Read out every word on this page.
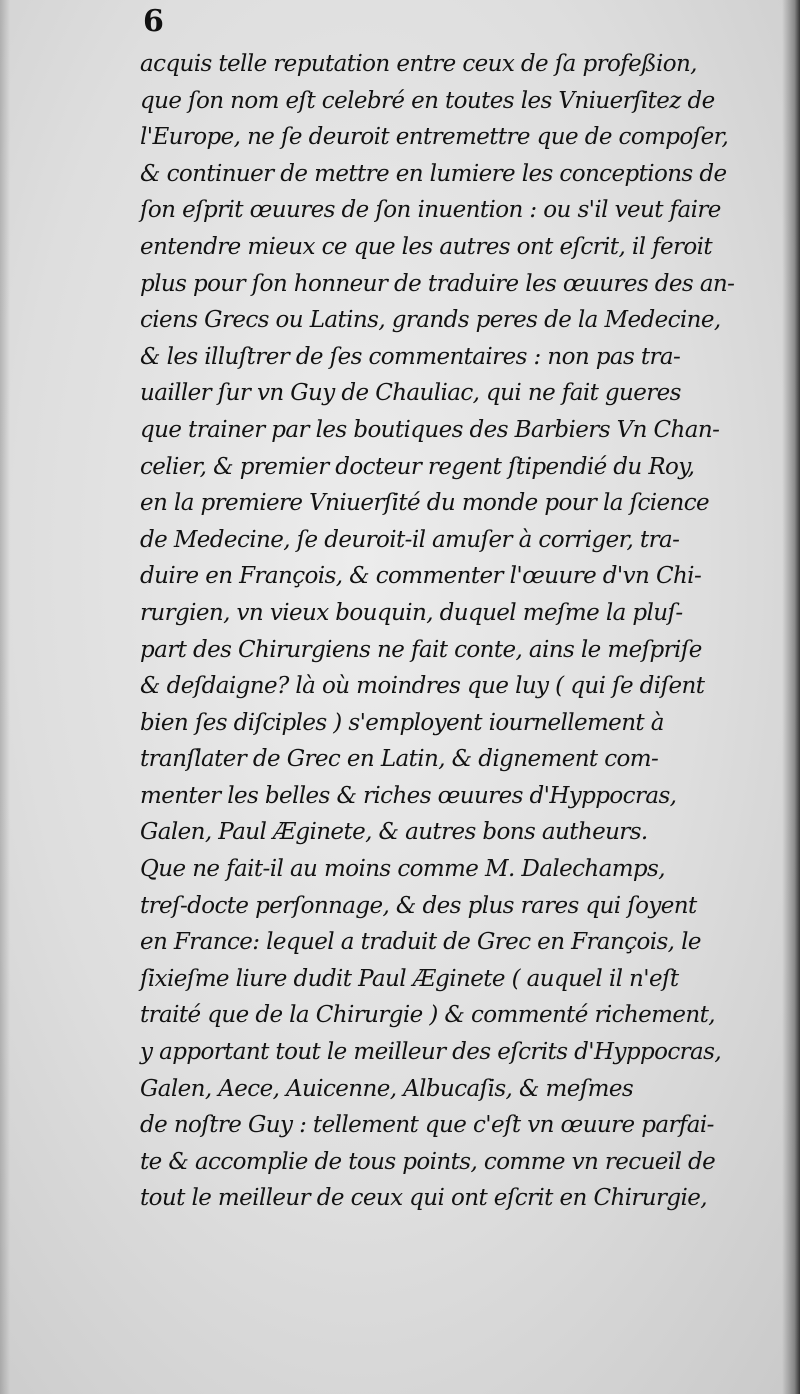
6
acquis telle reputation entre ceux de ſa profeßion,
que ſon nom eſt celebré en toutes les Vniuerſitez de
l'Europe, ne ſe deuroit entremettre que de compoſer,
& continuer de mettre en lumiere les conceptions de
ſon eſprit œuures de ſon inuention : ou s'il veut faire
entendre mieux ce que les autres ont eſcrit, il feroit
plus pour ſon honneur de traduire les œuures des an-
ciens Grecs ou Latins, grands peres de la Medecine,
& les illuſtrer de ſes commentaires : non pas tra-
uailler ſur vn Guy de Chauliac, qui ne fait gueres
que trainer par les boutiques des Barbiers Vn Chan-
celier, & premier docteur regent ſtipendié du Roy,
en la premiere Vniuerſité du monde pour la ſcience
de Medecine, ſe deuroit-il amuſer à corriger, tra-
duire en François, & commenter l'œuure d'vn Chi-
rurgien, vn vieux bouquin, duquel meſme la pluſ-
part des Chirurgiens ne fait conte, ains le meſpriſe
& deſdaigne? là où moindres que luy ( qui ſe diſent
bien ſes diſciples ) s'employent iournellement à
tranſlater de Grec en Latin, & dignement com-
menter les belles & riches œuures d'Hyppocras,
Galen, Paul Æginete, & autres bons autheurs.
Que ne fait-il au moins comme M. Dalechamps,
treſ-docte perſonnage, & des plus rares qui ſoyent
en France: lequel a traduit de Grec en François, le
ſixieſme liure dudit Paul Æginete ( auquel il n'eſt
traité que de la Chirurgie ) & commenté richement,
y apportant tout le meilleur des eſcrits d'Hyppocras,
Galen, Aece, Auicenne, Albucaſis, & meſmes
de noſtre Guy : tellement que c'eſt vn œuure parfai-
te & accomplie de tous points, comme vn recueil de
tout le meilleur de ceux qui ont eſcrit en Chirurgie,
